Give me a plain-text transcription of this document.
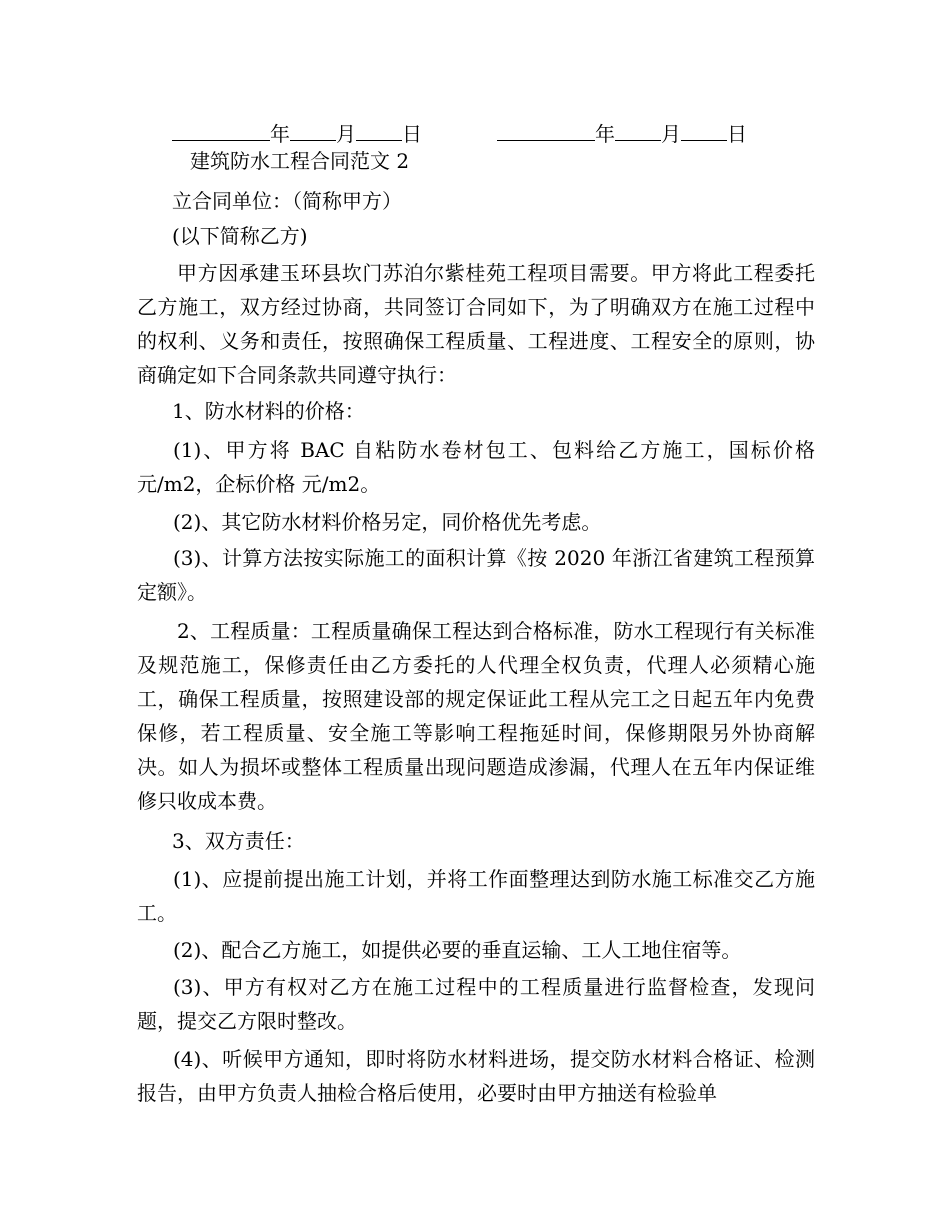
年 月 日	年 月 日
建筑防水工程合同范文 2
立合同单位：（简称甲方）
(以下简称乙方)

甲方因承建玉环县坎门苏泊尔紫桂苑工程项目需要。甲方将此工程委托乙方施工，双方经过协商，共同签订合同如下，为了明确双方在施工过程中的权利、义务和责任，按照确保工程质量、工程进度、工程安全的原则，协商确定如下合同条款共同遵守执行：

1、防水材料的价格：

(1)、甲方将 BAC 自粘防水卷材包工、包料给乙方施工，国标价格 元/m2，企标价格 元/m2。

(2)、其它防水材料价格另定，同价格优先考虑。

(3)、计算方法按实际施工的面积计算《按 2020 年浙江省建筑工程预算定额》。

2、工程质量：工程质量确保工程达到合格标准，防水工程现行有关标准及规范施工，保修责任由乙方委托的人代理全权负责，代理人必须精心施工，确保工程质量，按照建设部的规定保证此工程从完工之日起五年内免费保修，若工程质量、安全施工等影响工程拖延时间，保修期限另外协商解决。如人为损坏或整体工程质量出现问题造成渗漏，代理人在五年内保证维修只收成本费。

3、双方责任：

(1)、应提前提出施工计划，并将工作面整理达到防水施工标准交乙方施工。

(2)、配合乙方施工，如提供必要的垂直运输、工人工地住宿等。

(3)、甲方有权对乙方在施工过程中的工程质量进行监督检查，发现问题，提交乙方限时整改。

(4)、听候甲方通知，即时将防水材料进场，提交防水材料合格证、检测报告，由甲方负责人抽检合格后使用，必要时由甲方抽送有检验单
